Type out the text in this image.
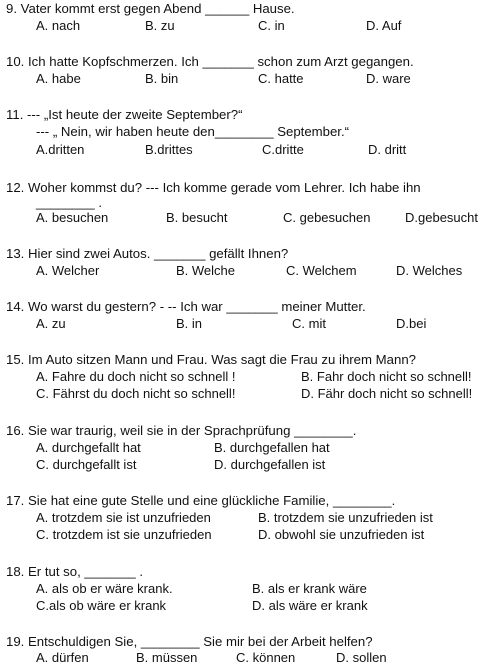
9. Vater kommt erst gegen Abend ______ Hause.
A. nach	B. zu	C. in	D. Auf
10. Ich hatte Kopfschmerzen. Ich _______ schon zum Arzt gegangen.
A. habe	B. bin	C. hatte	D. ware
11. --- „Ist heute der zweite September?“
--- „ Nein, wir haben heute den________ September.“
A.dritten	B.drittes	C.dritte	D. dritt
12. Woher kommst du? --- Ich komme gerade vom Lehrer. Ich habe ihn
________ .
A. besuchen	B. besucht	C. gebesuchen	D.gebesucht
13. Hier sind zwei Autos. _______ gefällt Ihnen?
A. Welcher	B. Welche	C. Welchem	D. Welches
14. Wo warst du gestern? - -- Ich war _______ meiner Mutter.
A. zu	B. in	C. mit	D.bei
15. Im Auto sitzen Mann und Frau. Was sagt die Frau zu ihrem Mann?
A. Fahre du doch nicht so schnell !	B. Fahr doch nicht so schnell!
C. Fährst du doch nicht so schnell!	D. Fähr doch nicht so schnell!
16. Sie war traurig, weil sie in der Sprachprüfung ________.
A. durchgefallt hat	B. durchgefallen hat
C. durchgefallt ist	D. durchgefallen ist
17. Sie hat eine gute Stelle und eine glückliche Familie, ________.
A. trotzdem sie ist unzufrieden	B. trotzdem sie unzufrieden ist
C. trotzdem ist sie unzufrieden	D. obwohl sie unzufrieden ist
18. Er tut so, _______ .
A. als ob er wäre krank.	B. als er krank wäre
C.als ob wäre er krank	D. als wäre er krank
19. Entschuldigen Sie, ________ Sie mir bei der Arbeit helfen?
A. dürfen	B. müssen	C. können	D. sollen
